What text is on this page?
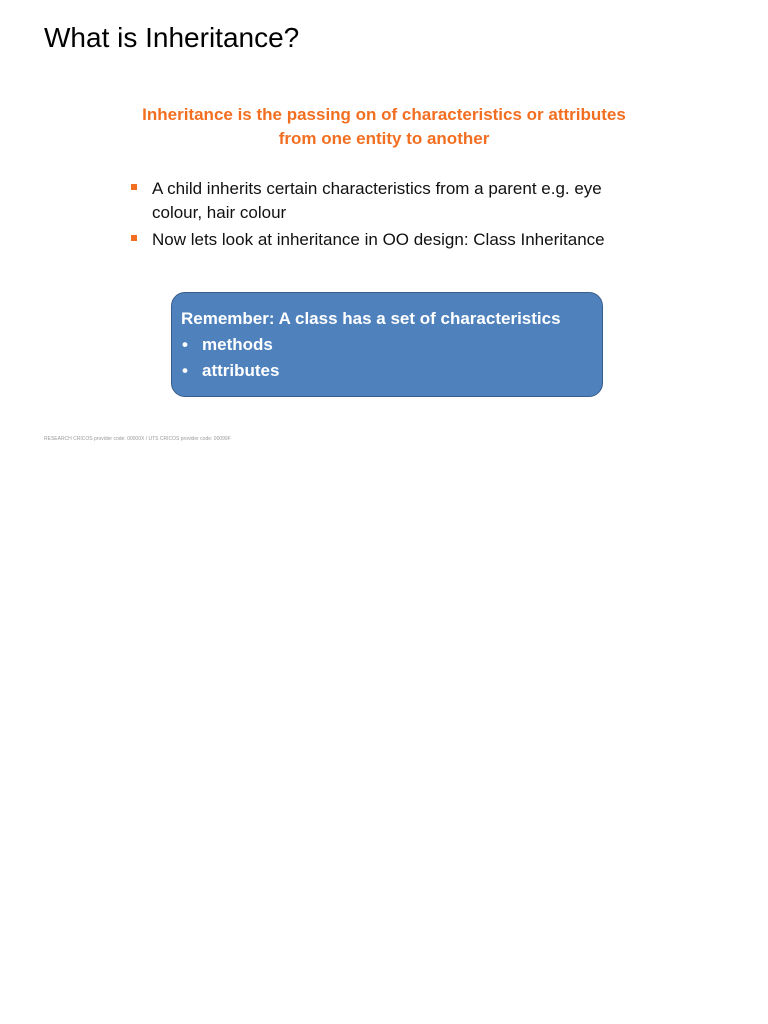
What is Inheritance?

Inheritance is the passing on of characteristics or attributes
from one entity to another

A child inherits certain characteristics from a parent e.g. eye colour, hair colour
Now lets look at inheritance in OO design: Class Inheritance
Remember: A class has a set of characteristics
• methods
• attributes
RESEARCH CRICOS provider code: 00000X / UTS CRICOS provider code: 00099F
